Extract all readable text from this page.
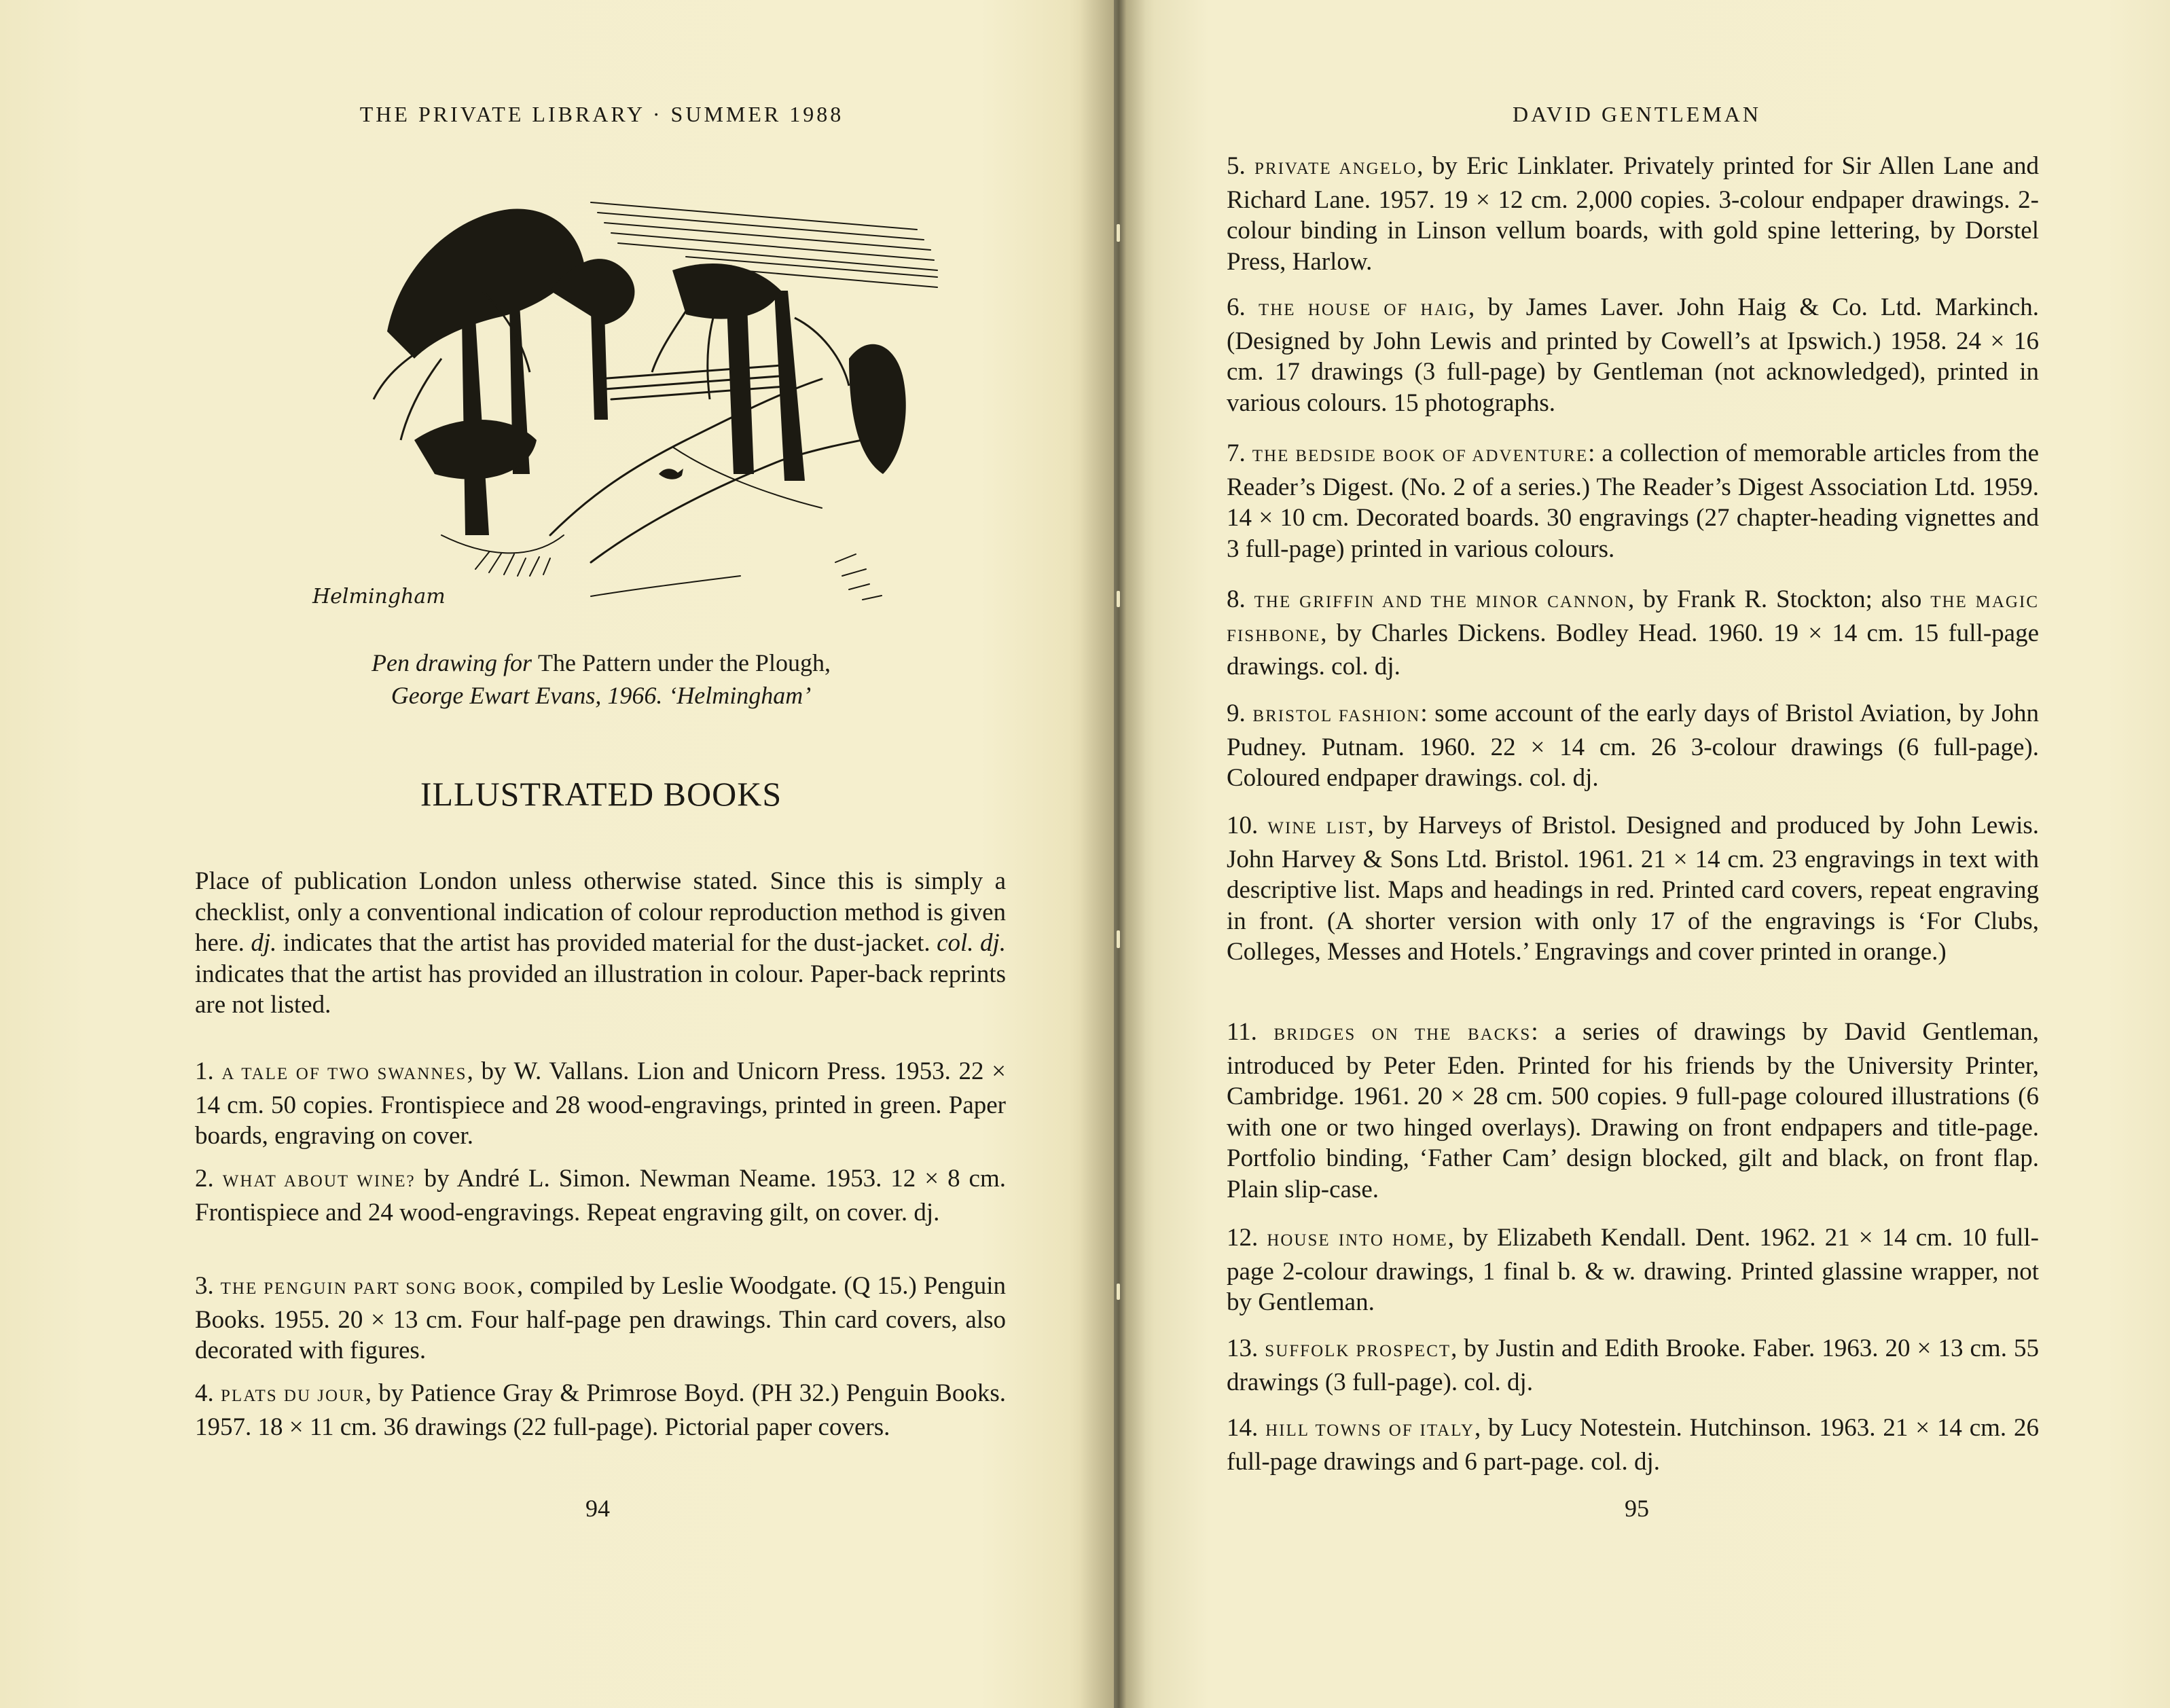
THE PRIVATE LIBRARY · SUMMER 1988
Helmingham
Pen drawing for The Pattern under the Plough,
George Ewart Evans, 1966. ‘Helmingham’
ILLUSTRATED BOOKS
Place of publication London unless otherwise stated. Since this is simply a checklist, only a conventional indication of colour reproduction method is given here. dj. indicates that the artist has provided material for the dust-jacket. col. dj. indicates that the artist has provided an illustration in colour. Paper-back reprints are not listed.
1. A TALE OF TWO SWANNES, by W. Vallans. Lion and Unicorn Press. 1953. 22 × 14 cm. 50 copies. Frontispiece and 28 wood-engravings, printed in green. Paper boards, engraving on cover.
2. WHAT ABOUT WINE? by André L. Simon. Newman Neame. 1953. 12 × 8 cm. Frontispiece and 24 wood-engravings. Repeat engraving gilt, on cover. dj.
3. THE PENGUIN PART SONG BOOK, compiled by Leslie Woodgate. (Q 15.) Penguin Books. 1955. 20 × 13 cm. Four half-page pen drawings. Thin card covers, also decorated with figures.
4. PLATS DU JOUR, by Patience Gray & Primrose Boyd. (PH 32.) Penguin Books. 1957. 18 × 11 cm. 36 drawings (22 full-page). Pictorial paper covers.
94
DAVID GENTLEMAN
5. PRIVATE ANGELO, by Eric Linklater. Privately printed for Sir Allen Lane and Richard Lane. 1957. 19 × 12 cm. 2,000 copies. 3-colour endpaper drawings. 2-colour binding in Linson vellum boards, with gold spine lettering, by Dorstel Press, Harlow.
6. THE HOUSE OF HAIG, by James Laver. John Haig & Co. Ltd. Markinch. (Designed by John Lewis and printed by Cowell’s at Ipswich.) 1958. 24 × 16 cm. 17 drawings (3 full-page) by Gentleman (not acknowledged), printed in various colours. 15 photographs.
7. THE BEDSIDE BOOK OF ADVENTURE: a collection of memorable articles from the Reader’s Digest. (No. 2 of a series.) The Reader’s Digest Association Ltd. 1959. 14 × 10 cm. Decorated boards. 30 engravings (27 chapter-heading vignettes and 3 full-page) printed in various colours.
8. THE GRIFFIN AND THE MINOR CANNON, by Frank R. Stockton; also THE MAGIC FISHBONE, by Charles Dickens. Bodley Head. 1960. 19 × 14 cm. 15 full-page drawings. col. dj.
9. BRISTOL FASHION: some account of the early days of Bristol Aviation, by John Pudney. Putnam. 1960. 22 × 14 cm. 26 3-colour drawings (6 full-page). Coloured endpaper drawings. col. dj.
10. WINE LIST, by Harveys of Bristol. Designed and produced by John Lewis. John Harvey & Sons Ltd. Bristol. 1961. 21 × 14 cm. 23 engravings in text with descriptive list. Maps and headings in red. Printed card covers, repeat engraving in front. (A shorter version with only 17 of the engravings is ‘For Clubs, Colleges, Messes and Hotels.’ Engravings and cover printed in orange.)
11. BRIDGES ON THE BACKS: a series of drawings by David Gentleman, introduced by Peter Eden. Printed for his friends by the University Printer, Cambridge. 1961. 20 × 28 cm. 500 copies. 9 full-page coloured illustrations (6 with one or two hinged overlays). Drawing on front endpapers and title-page. Portfolio binding, ‘Father Cam’ design blocked, gilt and black, on front flap. Plain slip-case.
12. HOUSE INTO HOME, by Elizabeth Kendall. Dent. 1962. 21 × 14 cm. 10 full-page 2-colour drawings, 1 final b. & w. drawing. Printed glassine wrapper, not by Gentleman.
13. SUFFOLK PROSPECT, by Justin and Edith Brooke. Faber. 1963. 20 × 13 cm. 55 drawings (3 full-page). col. dj.
14. HILL TOWNS OF ITALY, by Lucy Notestein. Hutchinson. 1963. 21 × 14 cm. 26 full-page drawings and 6 part-page. col. dj.
95
